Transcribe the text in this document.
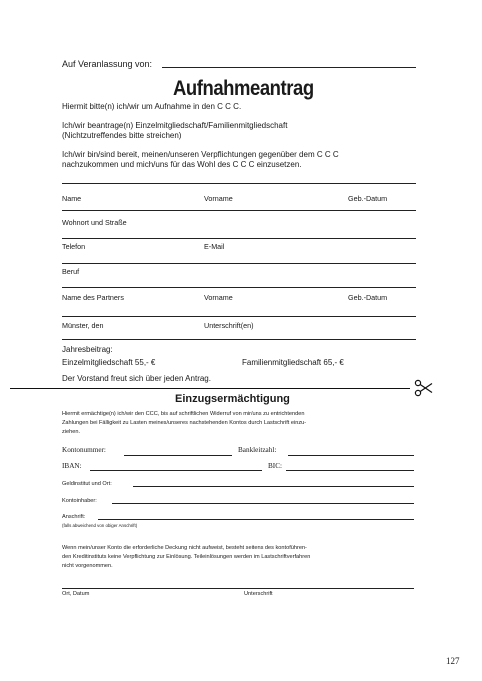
Auf Veranlassung von:
Aufnahmeantrag
Hiermit bitte(n) ich/wir um Aufnahme in den C C C.
Ich/wir beantrage(n) Einzelmitgliedschaft/Familienmitgliedschaft
(Nichtzutreffendes bitte streichen)
Ich/wir bin/sind bereit, meinen/unseren Verpflichtungen gegenüber dem C C C
nachzukommen und mich/uns für das Wohl des C C C einzusetzen.
Name	Vorname	Geb.-Datum
Wohnort und Straße
Telefon	E-Mail
Beruf
Name des Partners	Vorname	Geb.-Datum
Münster, den	Unterschrift(en)
Jahresbeitrag:
Einzelmitgliedschaft 55,- €	Familienmitgliedschaft 65,- €
Der Vorstand freut sich über jeden Antrag.
Einzugsermächtigung
Hiermit ermächtige(n) ich/wir den CCC, bis auf schriftlichen Widerruf von mir/uns zu entrichtenden
Zahlungen bei Fälligkeit zu Lasten meines/unseres nachstehenden Kontos durch Lastschrift einzu-
ziehen.
Kontonummer:	Bankleitzahl:
IBAN:	BIC:
Geldinstitut und Ort:
Kontoinhaber:
Anschrift:
(falls abweichend von obiger Anschrift)
Wenn mein/unser Konto die erforderliche Deckung nicht aufweist, besteht seitens des kontoführen-
den Kreditinstituts keine Verpflichtung zur Einlösung. Teileinlösungen werden im Lastschriftverfahren
nicht vorgenommen.
Ort, Datum	Unterschrift
127
